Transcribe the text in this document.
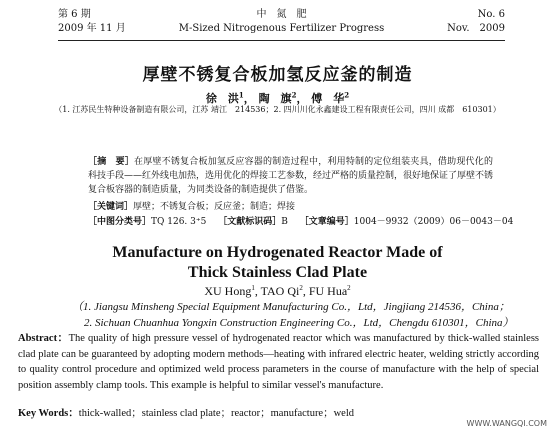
第 6 期
2009 年 11 月
中　氮　肥
M-Sized Nitrogenous Fertilizer Progress
No. 6
Nov.　2009
厚壁不锈复合板加氢反应釜的制造
徐　洪$^1$， 陶　旗$^2$， 傅　华$^2$
（1. 江苏民生特种设备制造有限公司，江苏 靖江　214536；2. 四川川化永鑫建设工程有限责任公司，四川 成都　610301）
［摘　要］在厚壁不锈复合板加氢反应容器的制造过程中，利用特制的定位组装夹具，借助现代化的科技手段——红外线电加热，选用优化的焊接工艺参数，经过严格的质量控制，很好地保证了厚壁不锈复合板容器的制造质量，为同类设备的制造提供了借鉴。
［关键词］厚壁；不锈复合板；反应釜；制造；焊接
［中图分类号］TQ 126. 3⁺5　 ［文献标识码］B　 ［文章编号］1004－9932（2009）06－0043－04
Manufacture on Hydrogenated Reactor Made of
Thick Stainless Clad Plate
XU Hong$^1$, TAO Qi$^2$, FU Hua$^2$
（1. Jiangsu Minsheng Special Equipment Manufacturing Co.，Ltd，Jingjiang 214536，China；
2. Sichuan Chuanhua Yongxin Construction Engineering Co.，Ltd，Chengdu 610301，China）
Abstract：The quality of high pressure vessel of hydrogenated reactor which was manufactured by thick-walled stainless clad plate can be guaranteed by adopting modern methods—heating with infrared electric heater, welding strictly according to quality control procedure and optimized weld process parameters in the course of manufacture with the help of special position assembly clamp tools. This example is helpful to similar vessel's manufacture.
Key Words：thick-walled；stainless clad plate；reactor；manufacture；weld
WWW.WANGQI.COM
